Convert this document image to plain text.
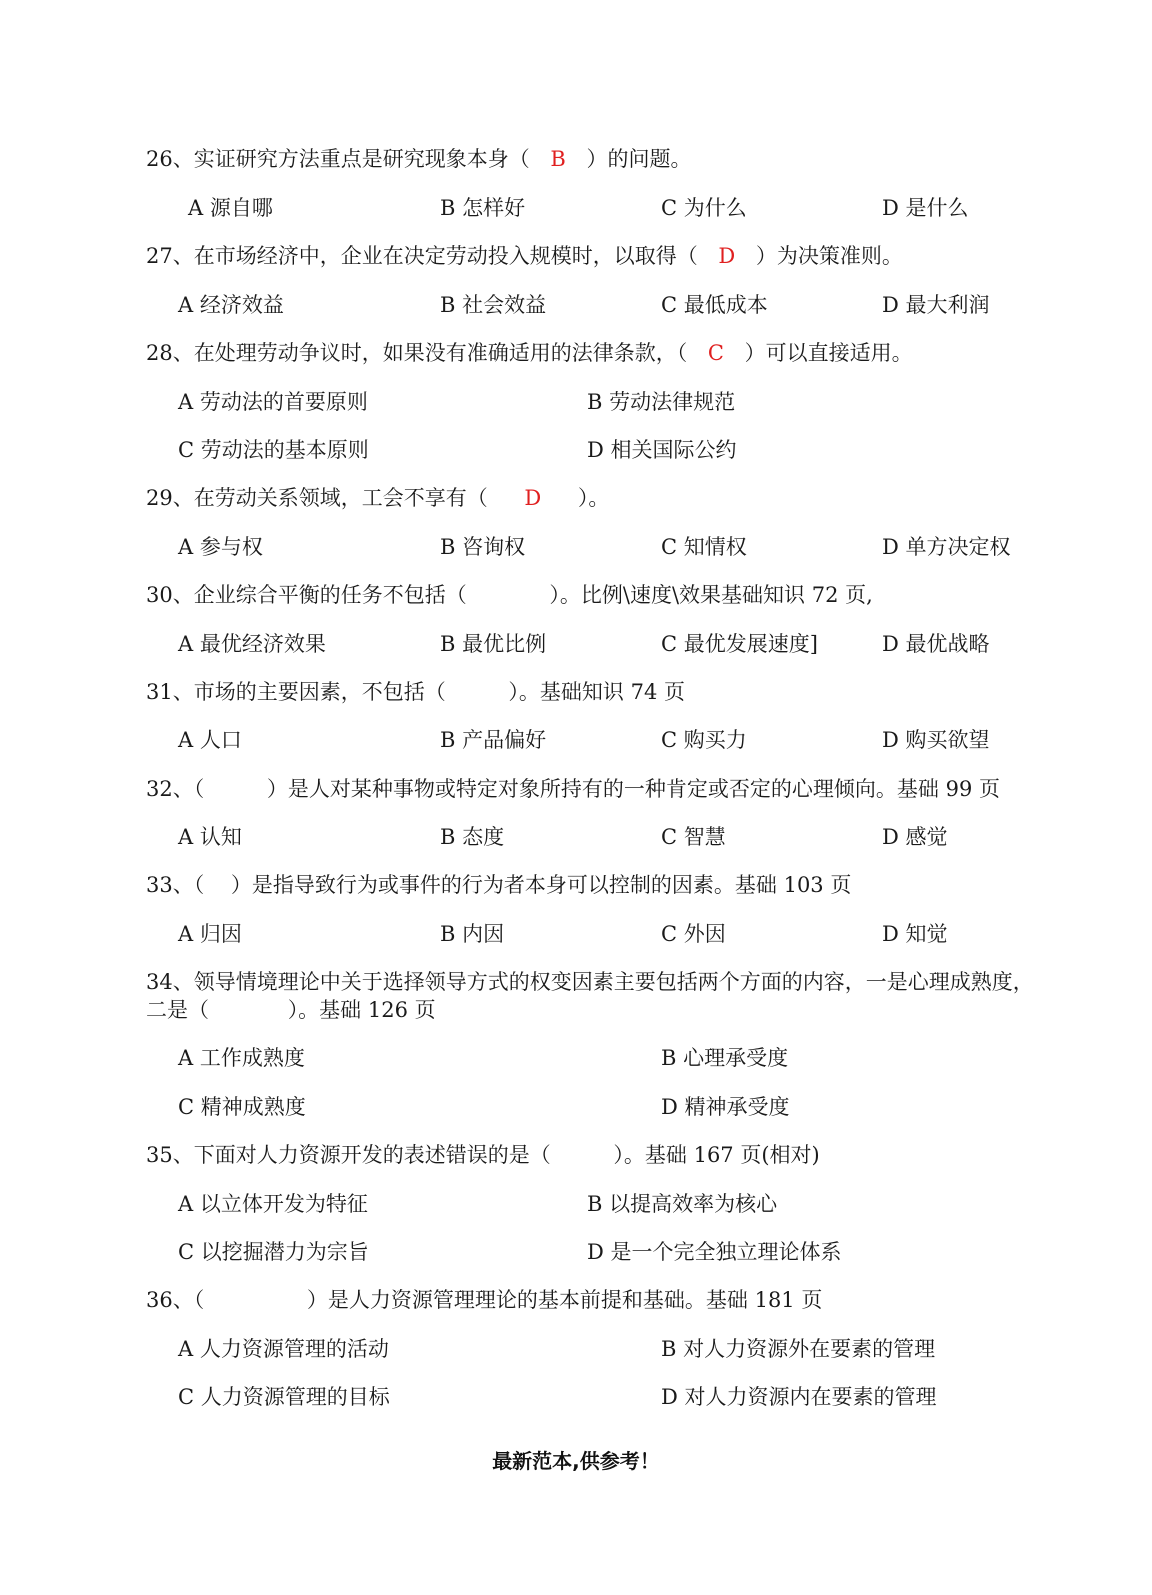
26、实证研究方法重点是研究现象本身（ B ）的问题。
A 源自哪	B 怎样好	C 为什么	D 是什么
27、在市场经济中，企业在决定劳动投入规模时，以取得（ D ）为决策准则。
A 经济效益	B 社会效益	C 最低成本	D 最大利润
28、在处理劳动争议时，如果没有准确适用的法律条款，（ C ）可以直接适用。
A 劳动法的首要原则	B 劳动法律规范
C 劳动法的基本原则	D 相关国际公约
29、在劳动关系领域，工会不享有（ D ）。
A 参与权	B 咨询权	C 知情权	D 单方决定权
30、企业综合平衡的任务不包括（	）。比例\速度\效果基础知识 72 页,
A 最优经济效果	B 最优比例	C 最优发展速度]	D 最优战略
31、市场的主要因素，不包括（	）。基础知识 74 页
A 人口	B 产品偏好	C 购买力	D 购买欲望
32、（	）是人对某种事物或特定对象所持有的一种肯定或否定的心理倾向。基础 99 页
A 认知	B 态度	C 智慧	D 感觉
33、（ ）是指导致行为或事件的行为者本身可以控制的因素。基础 103 页
A 归因	B 内因	C 外因	D 知觉
34、领导情境理论中关于选择领导方式的权变因素主要包括两个方面的内容，一是心理成熟度，二是（	）。基础 126 页
A 工作成熟度	B 心理承受度
C 精神成熟度	D 精神承受度
35、下面对人力资源开发的表述错误的是（	）。基础 167 页(相对)
A 以立体开发为特征	B 以提高效率为核心
C 以挖掘潜力为宗旨	D 是一个完全独立理论体系
36、（	）是人力资源管理理论的基本前提和基础。基础 181 页
A 人力资源管理的活动	B 对人力资源外在要素的管理
C 人力资源管理的目标	D 对人力资源内在要素的管理
最新范本,供参考！
